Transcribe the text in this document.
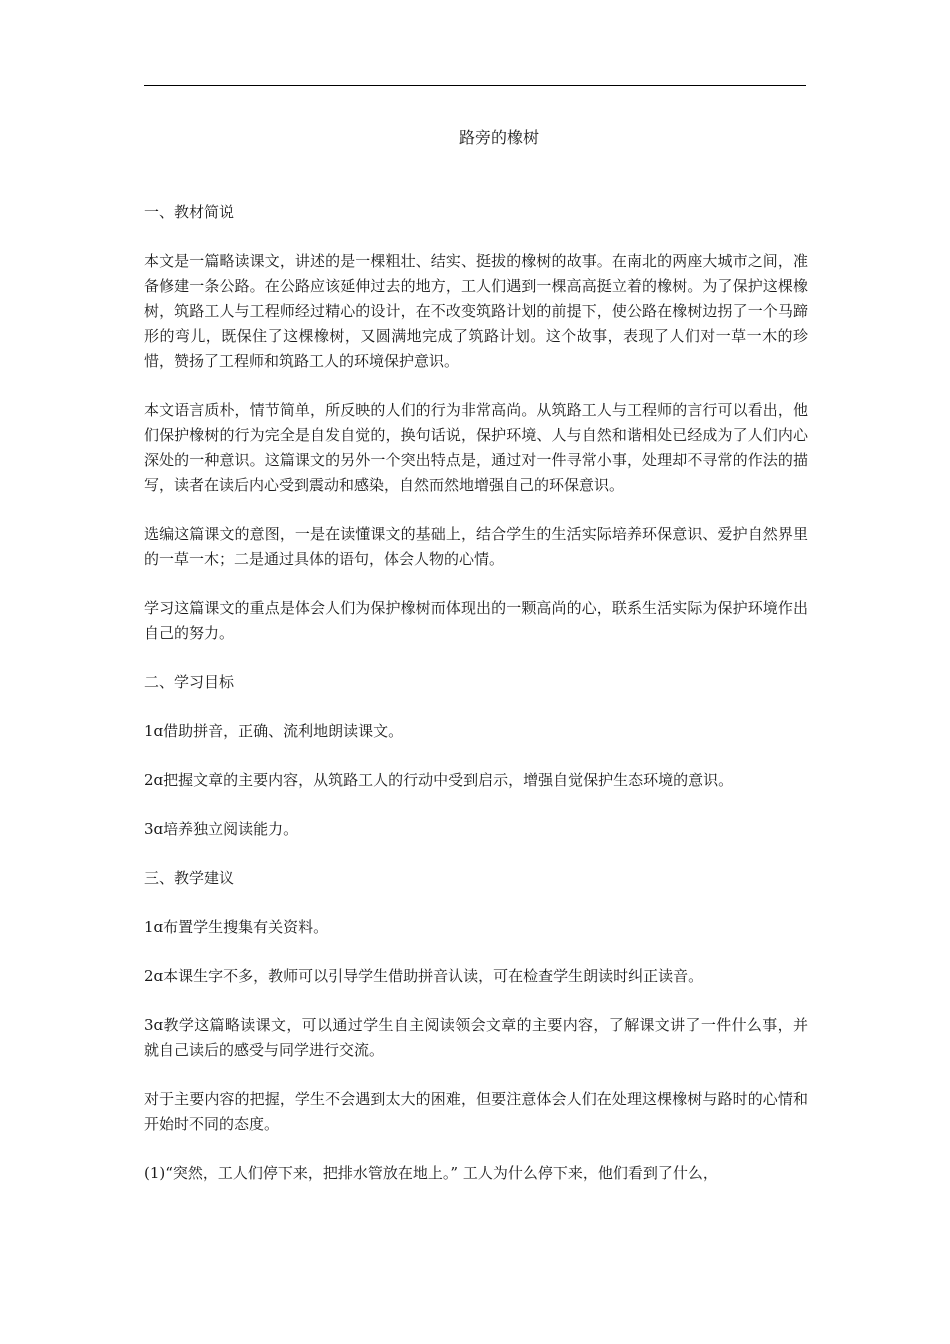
路旁的橡树

一、教材简说

本文是一篇略读课文，讲述的是一棵粗壮、结实、挺拔的橡树的故事。在南北的两座大城市之间，准备修建一条公路。在公路应该延伸过去的地方，工人们遇到一棵高高挺立着的橡树。为了保护这棵橡树，筑路工人与工程师经过精心的设计，在不改变筑路计划的前提下，使公路在橡树边拐了一个马蹄形的弯儿，既保住了这棵橡树，又圆满地完成了筑路计划。这个故事，表现了人们对一草一木的珍惜，赞扬了工程师和筑路工人的环境保护意识。

本文语言质朴，情节简单，所反映的人们的行为非常高尚。从筑路工人与工程师的言行可以看出，他们保护橡树的行为完全是自发自觉的，换句话说，保护环境、人与自然和谐相处已经成为了人们内心深处的一种意识。这篇课文的另外一个突出特点是，通过对一件寻常小事，处理却不寻常的作法的描写，读者在读后内心受到震动和感染，自然而然地增强自己的环保意识。

选编这篇课文的意图，一是在读懂课文的基础上，结合学生的生活实际培养环保意识、爱护自然界里的一草一木；二是通过具体的语句，体会人物的心情。

学习这篇课文的重点是体会人们为保护橡树而体现出的一颗高尚的心，联系生活实际为保护环境作出自己的努力。

二、学习目标

1ɑ借助拼音，正确、流利地朗读课文。

2ɑ把握文章的主要内容，从筑路工人的行动中受到启示，增强自觉保护生态环境的意识。

3ɑ培养独立阅读能力。

三、教学建议

1ɑ布置学生搜集有关资料。

2ɑ本课生字不多，教师可以引导学生借助拼音认读，可在检查学生朗读时纠正读音。

3ɑ教学这篇略读课文，可以通过学生自主阅读领会文章的主要内容，了解课文讲了一件什么事，并就自己读后的感受与同学进行交流。

对于主要内容的把握，学生不会遇到太大的困难，但要注意体会人们在处理这棵橡树与路时的心情和开始时不同的态度。

(1)“突然，工人们停下来，把排水管放在地上。” 工人为什么停下来，他们看到了什么，
